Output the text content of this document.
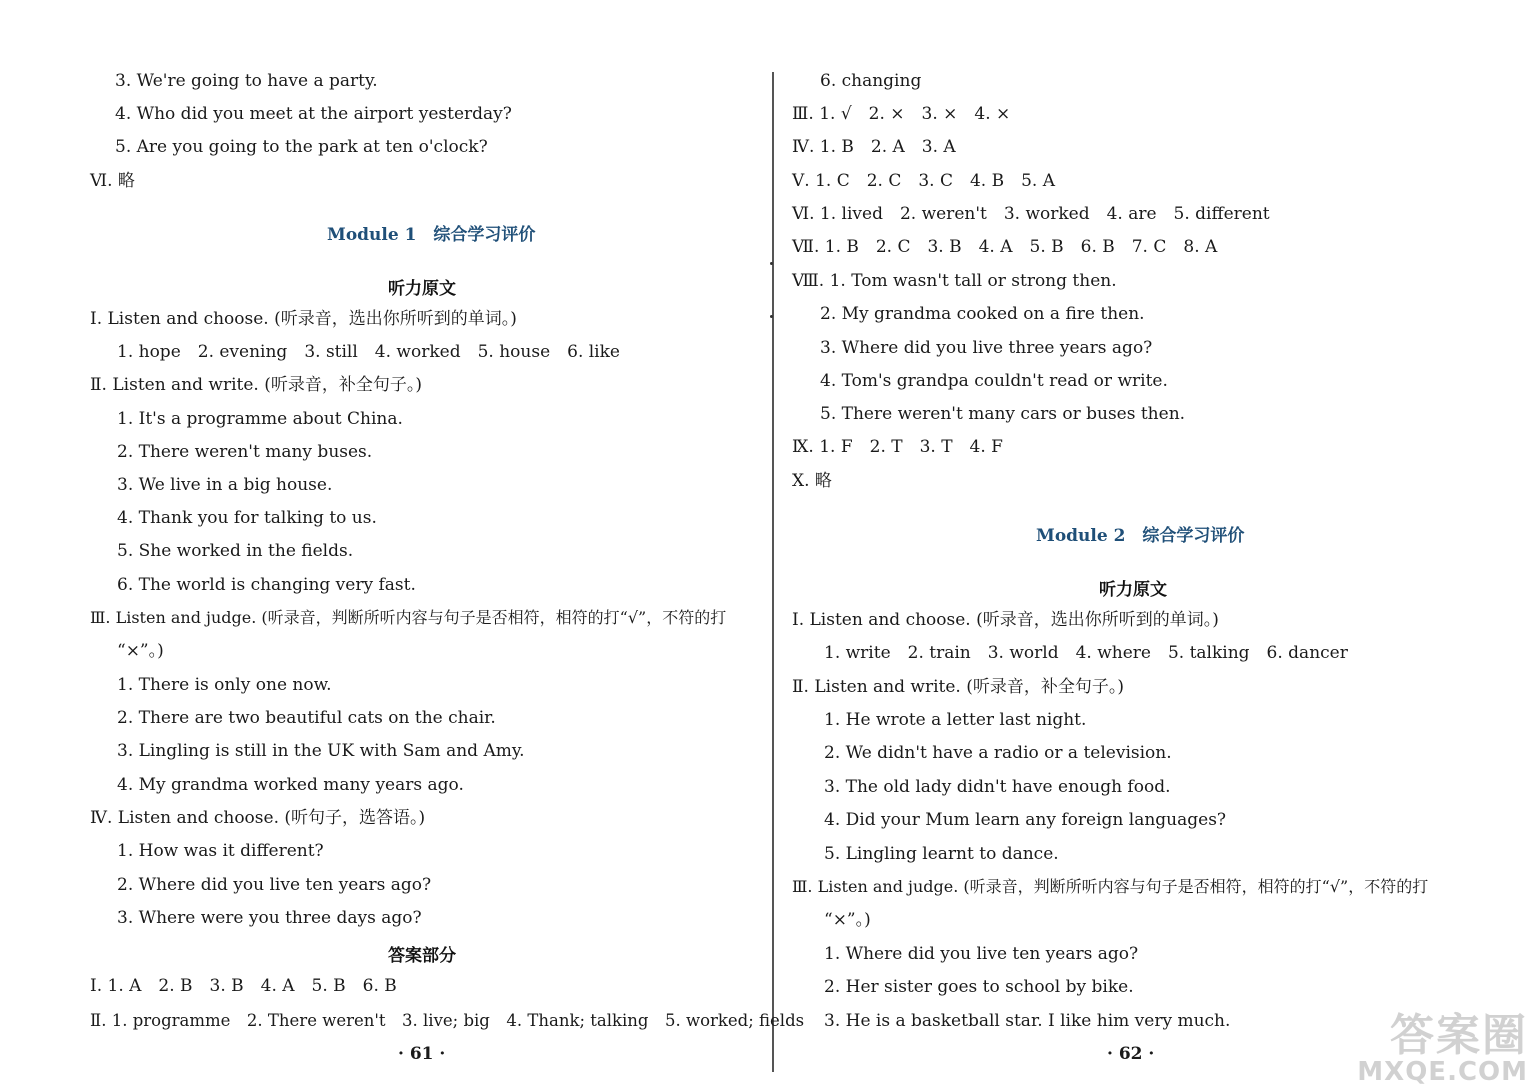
3. We're going to have a party.
4. Who did you meet at the airport yesterday?
5. Are you going to the park at ten o'clock?
Ⅵ. 略
Module 1　综合学习评价
听力原文
Ⅰ. Listen and choose. (听录音，选出你所听到的单词。)
1. hope　2. evening　3. still　4. worked　5. house　6. like
Ⅱ. Listen and write. (听录音，补全句子。)
1. It's a programme about China.
2. There weren't many buses.
3. We live in a big house.
4. Thank you for talking to us.
5. She worked in the fields.
6. The world is changing very fast.
Ⅲ. Listen and judge. (听录音，判断所听内容与句子是否相符，相符的打“√”，不符的打
“×”。)
1. There is only one now.
2. There are two beautiful cats on the chair.
3. Lingling is still in the UK with Sam and Amy.
4. My grandma worked many years ago.
Ⅳ. Listen and choose. (听句子，选答语。)
1. How was it different?
2. Where did you live ten years ago?
3. Where were you three days ago?
答案部分
Ⅰ. 1. A　2. B　3. B　4. A　5. B　6. B
Ⅱ. 1. programme　2. There weren't　3. live; big　4. Thank; talking　5. worked; fields
· 61 ·
6. changing
Ⅲ. 1. √　2. ×　3. ×　4. ×
Ⅳ. 1. B　2. A　3. A
Ⅴ. 1. C　2. C　3. C　4. B　5. A
Ⅵ. 1. lived　2. weren't　3. worked　4. are　5. different
Ⅶ. 1. B　2. C　3. B　4. A　5. B　6. B　7. C　8. A
Ⅷ. 1. Tom wasn't tall or strong then.
2. My grandma cooked on a fire then.
3. Where did you live three years ago?
4. Tom's grandpa couldn't read or write.
5. There weren't many cars or buses then.
Ⅸ. 1. F　2. T　3. T　4. F
Ⅹ. 略
Module 2　综合学习评价
听力原文
Ⅰ. Listen and choose. (听录音，选出你所听到的单词。)
1. write　2. train　3. world　4. where　5. talking　6. dancer
Ⅱ. Listen and write. (听录音，补全句子。)
1. He wrote a letter last night.
2. We didn't have a radio or a television.
3. The old lady didn't have enough food.
4. Did your Mum learn any foreign languages?
5. Lingling learnt to dance.
Ⅲ. Listen and judge. (听录音，判断所听内容与句子是否相符，相符的打“√”，不符的打
“×”。)
1. Where did you live ten years ago?
2. Her sister goes to school by bike.
3. He is a basketball star. I like him very much.
· 62 ·	答案圈
MXQE.COM
